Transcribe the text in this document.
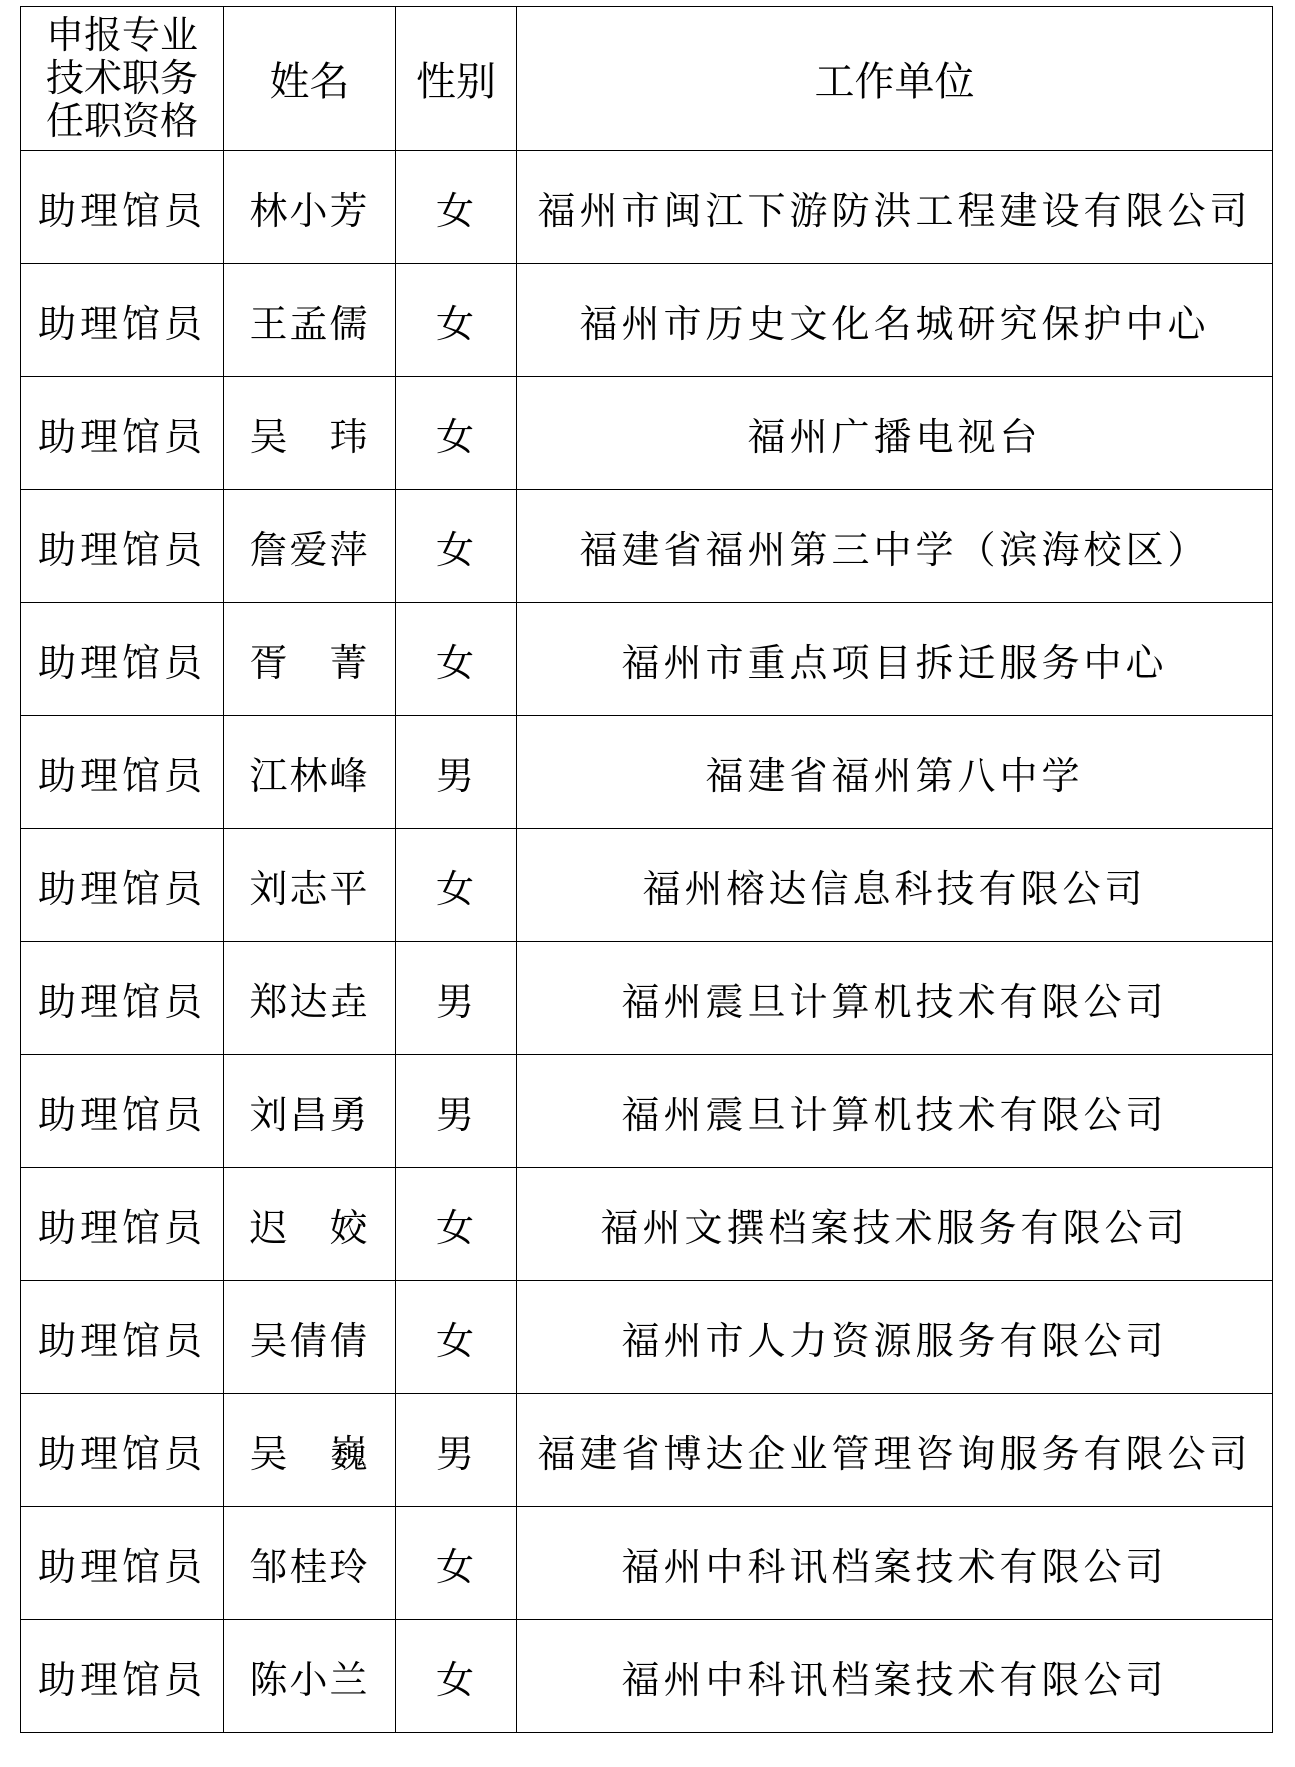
申报专业技术职务任职资格	姓名	性别	工作单位
助理馆员	林小芳	女	福州市闽江下游防洪工程建设有限公司
助理馆员	王孟儒	女	福州市历史文化名城研究保护中心
助理馆员	吴　玮	女	福州广播电视台
助理馆员	詹爱萍	女	福建省福州第三中学（滨海校区）
助理馆员	胥　菁	女	福州市重点项目拆迁服务中心
助理馆员	江林峰	男	福建省福州第八中学
助理馆员	刘志平	女	福州榕达信息科技有限公司
助理馆员	郑达垚	男	福州震旦计算机技术有限公司
助理馆员	刘昌勇	男	福州震旦计算机技术有限公司
助理馆员	迟　姣	女	福州文撰档案技术服务有限公司
助理馆员	吴倩倩	女	福州市人力资源服务有限公司
助理馆员	吴　巍	男	福建省博达企业管理咨询服务有限公司
助理馆员	邹桂玲	女	福州中科讯档案技术有限公司
助理馆员	陈小兰	女	福州中科讯档案技术有限公司
